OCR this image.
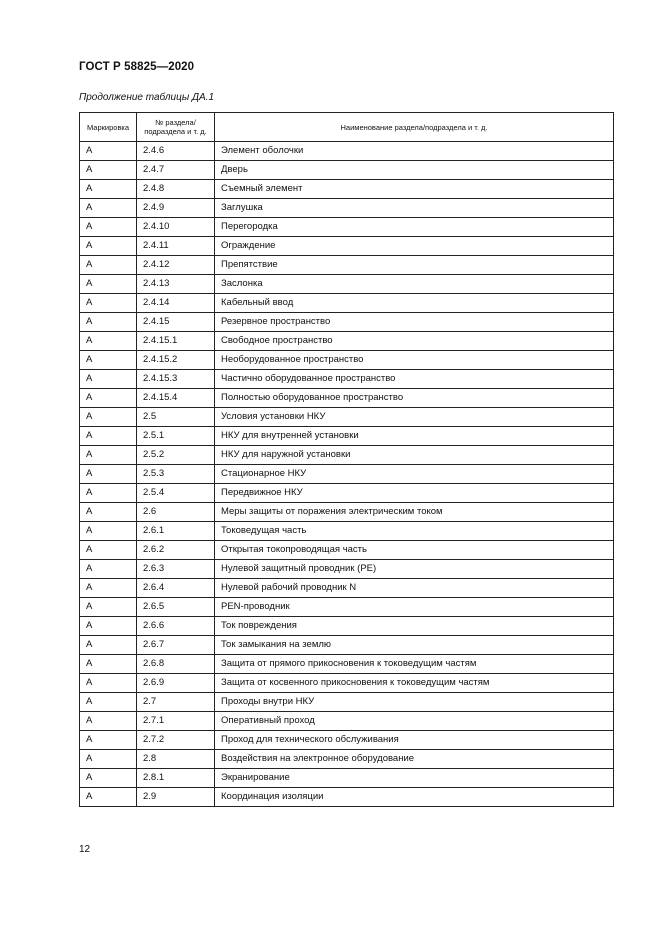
ГОСТ Р 58825—2020
Продолжение таблицы ДА.1
Маркировка	№ раздела/ подраздела и т. д.	Наименование раздела/подраздела и т. д.
A	2.4.6	Элемент оболочки
A	2.4.7	Дверь
A	2.4.8	Съемный элемент
A	2.4.9	Заглушка
A	2.4.10	Перегородка
A	2.4.11	Ограждение
A	2.4.12	Препятствие
A	2.4.13	Заслонка
A	2.4.14	Кабельный ввод
A	2.4.15	Резервное пространство
A	2.4.15.1	Свободное пространство
A	2.4.15.2	Необорудованное пространство
A	2.4.15.3	Частично оборудованное пространство
A	2.4.15.4	Полностью оборудованное пространство
A	2.5	Условия установки НКУ
A	2.5.1	НКУ для внутренней установки
A	2.5.2	НКУ для наружной установки
A	2.5.3	Стационарное НКУ
A	2.5.4	Передвижное НКУ
A	2.6	Меры защиты от поражения электрическим током
A	2.6.1	Токоведущая часть
A	2.6.2	Открытая токопроводящая часть
A	2.6.3	Нулевой защитный проводник (РЕ)
A	2.6.4	Нулевой рабочий проводник N
A	2.6.5	PEN-проводник
A	2.6.6	Ток повреждения
A	2.6.7	Ток замыкания на землю
A	2.6.8	Защита от прямого прикосновения к токоведущим частям
A	2.6.9	Защита от косвенного прикосновения к токоведущим частям
A	2.7	Проходы внутри НКУ
A	2.7.1	Оперативный проход
A	2.7.2	Проход для технического обслуживания
A	2.8	Воздействия на электронное оборудование
A	2.8.1	Экранирование
A	2.9	Координация изоляции
12
